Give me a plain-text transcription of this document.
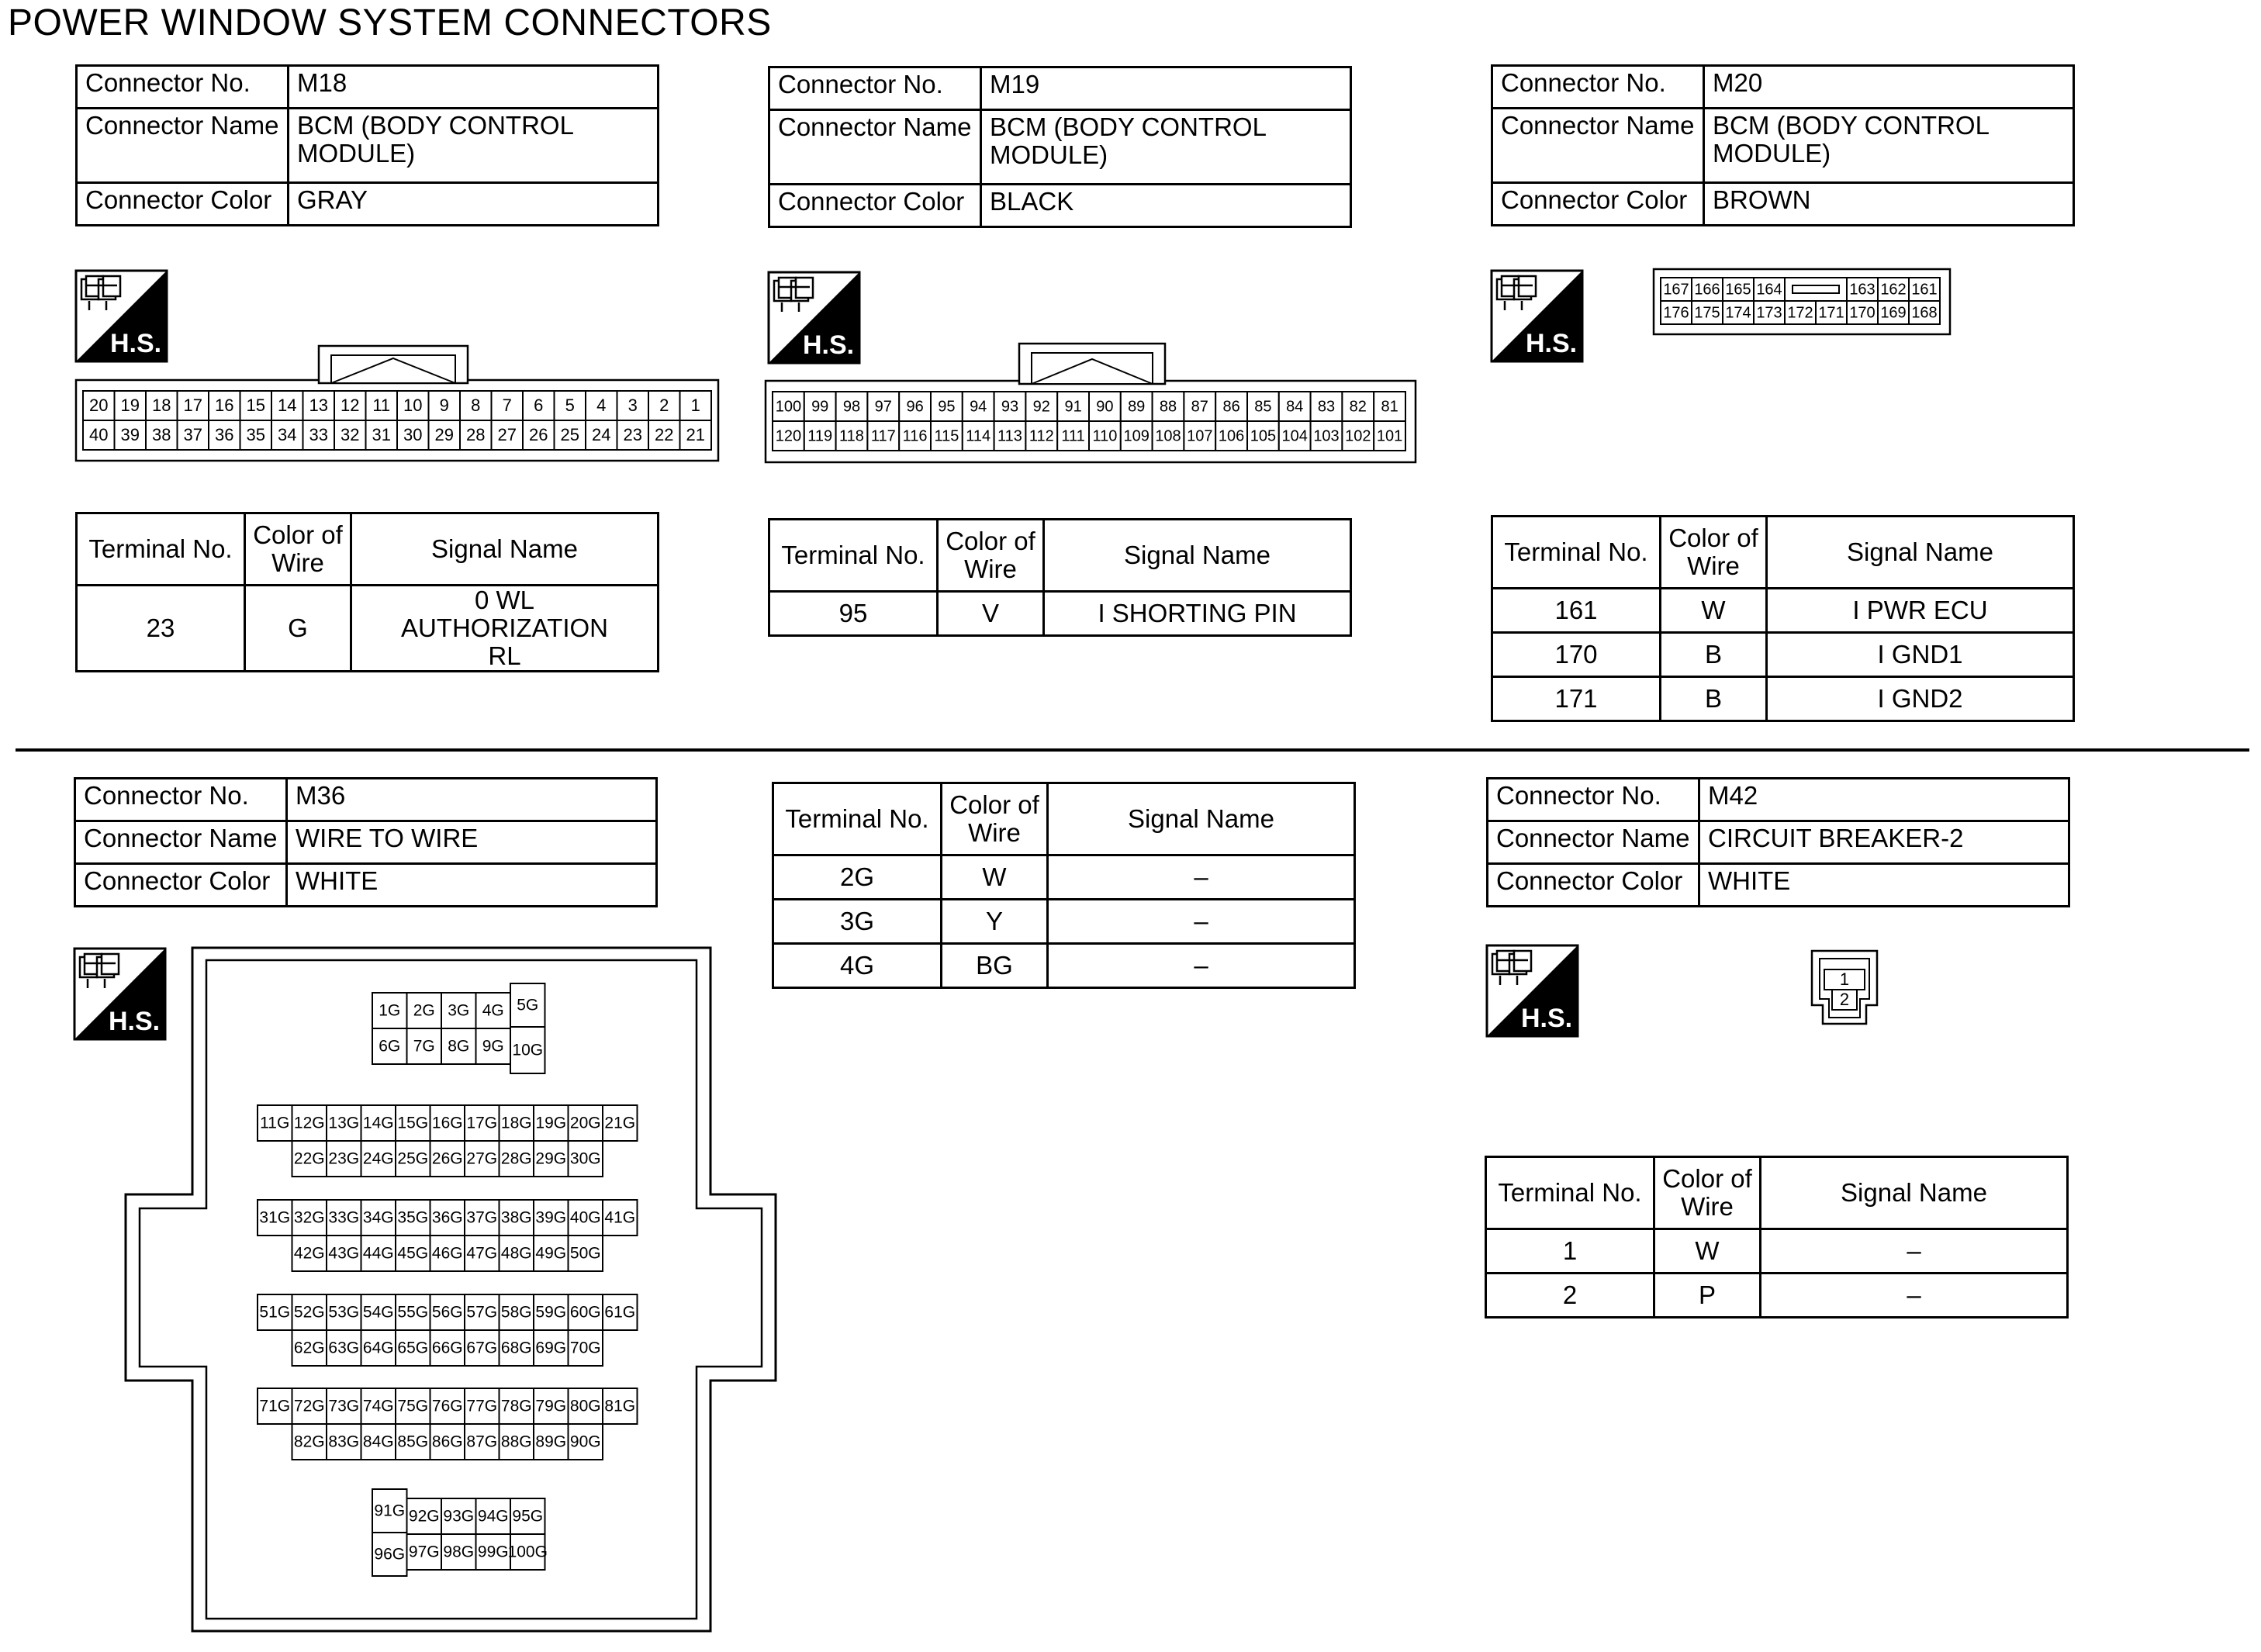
POWER WINDOW SYSTEM CONNECTORS
Connector No.	M18
Connector Name	BCM (BODY CONTROL MODULE)
Connector Color	GRAY
Connector No.	M19
Connector Name	BCM (BODY CONTROL MODULE)
Connector Color	BLACK
Connector No.	M20
Connector Name	BCM (BODY CONTROL MODULE)
Connector Color	BROWN
H.S.	H.S.	H.S.
20 19 18 17 16 15 14 13 12 11 10 9 8 7 6 5 4 3 2 1
40 39 38 37 36 35 34 33 32 31 30 29 28 27 26 25 24 23 22 21
100 99 98 97 96 95 94 93 92 91 90 89 88 87 86 85 84 83 82 81
120 119 118 117 116 115 114 113 112 111 110 109 108 107 106 105 104 103 102 101
167 166 165 164	163 162 161
176 175 174 173 172 171 170 169 168
Terminal No.	Color of Wire	Signal Name
23	G	0 WL AUTHORIZATION RL
Terminal No.	Color of Wire	Signal Name
95	V	I SHORTING PIN
Terminal No.	Color of Wire	Signal Name
161	W	I PWR ECU
170	B	I GND1
171	B	I GND2
Connector No.	M36
Connector Name	WIRE TO WIRE
Connector Color	WHITE
Connector No.	M42
Connector Name	CIRCUIT BREAKER-2
Connector Color	WHITE
Terminal No.	Color of Wire	Signal Name
2G	W	–
3G	Y	–
4G	BG	–
H.S.	H.S.
1G 2G 3G 4G 5G
6G 7G 8G 9G 10G
11G 12G 13G 14G 15G 16G 17G 18G 19G 20G 21G
22G 23G 24G 25G 26G 27G 28G 29G 30G
31G 32G 33G 34G 35G 36G 37G 38G 39G 40G 41G
42G 43G 44G 45G 46G 47G 48G 49G 50G
51G 52G 53G 54G 55G 56G 57G 58G 59G 60G 61G
62G 63G 64G 65G 66G 67G 68G 69G 70G
71G 72G 73G 74G 75G 76G 77G 78G 79G 80G 81G
82G 83G 84G 85G 86G 87G 88G 89G 90G
91G
96G
92G 93G 94G 95G
97G 98G 99G
100G
1
2
Terminal No.	Color of Wire	Signal Name
1	W	–
2	P	–
